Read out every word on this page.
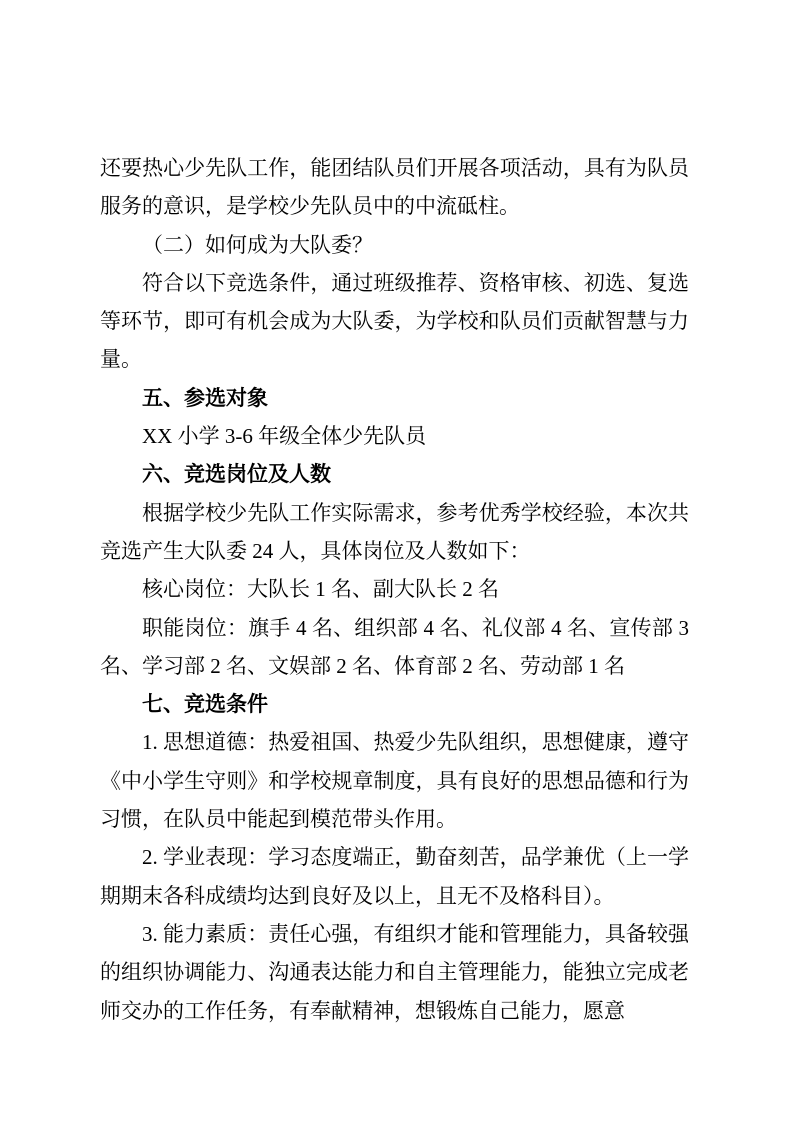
还要热心少先队工作，能团结队员们开展各项活动，具有为队员服务的意识，是学校少先队员中的中流砥柱。

（二）如何成为大队委？

符合以下竞选条件，通过班级推荐、资格审核、初选、复选等环节，即可有机会成为大队委，为学校和队员们贡献智慧与力量。

五、参选对象

XX 小学 3-6 年级全体少先队员

六、竞选岗位及人数

根据学校少先队工作实际需求，参考优秀学校经验，本次共竞选产生大队委 24 人，具体岗位及人数如下：

核心岗位：大队长 1 名、副大队长 2 名

职能岗位：旗手 4 名、组织部 4 名、礼仪部 4 名、宣传部 3 名、学习部 2 名、文娱部 2 名、体育部 2 名、劳动部 1 名

七、竞选条件

1. 思想道德：热爱祖国、热爱少先队组织，思想健康，遵守《中小学生守则》和学校规章制度，具有良好的思想品德和行为习惯，在队员中能起到模范带头作用。

2. 学业表现：学习态度端正，勤奋刻苦，品学兼优（上一学期期末各科成绩均达到良好及以上，且无不及格科目）。

3. 能力素质：责任心强，有组织才能和管理能力，具备较强的组织协调能力、沟通表达能力和自主管理能力，能独立完成老师交办的工作任务，有奉献精神，想锻炼自己能力，愿意
